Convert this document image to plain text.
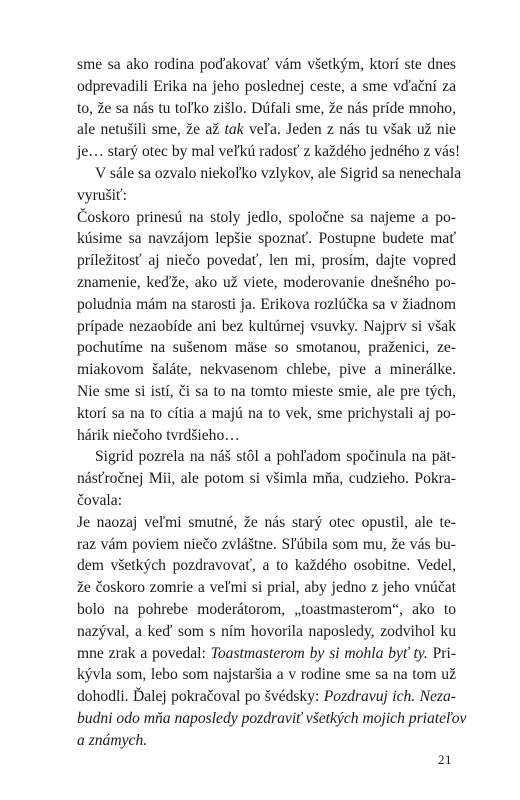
sme sa ako rodina poďakovať vám všetkým, ktorí ste dnes
odprevadili Erika na jeho poslednej ceste, a sme vďační za
to, že sa nás tu toľko zišlo. Dúfali sme, že nás príde mnoho,
ale netušili sme, že až tak veľa. Jeden z nás tu však už nie
je… starý otec by mal veľkú radosť z každého jedného z vás!
V sále sa ozvalo niekoľko vzlykov, ale Sigrid sa nenechala
vyrušiť:
Čoskoro prinesú na stoly jedlo, spoločne sa najeme a po-
kúsime sa navzájom lepšie spoznať. Postupne budete mať
príležitosť aj niečo povedať, len mi, prosím, dajte vopred
znamenie, keďže, ako už viete, moderovanie dnešného po-
poludnia mám na starosti ja. Erikova rozlúčka sa v žiadnom
prípade nezaobíde ani bez kultúrnej vsuvky. Najprv si však
pochutíme na sušenom mäse so smotanou, praženici, ze-
miakovom šaláte, nekvasenom chlebe, pive a minerálke.
Nie sme si istí, či sa to na tomto mieste smie, ale pre tých,
ktorí sa na to cítia a majú na to vek, sme prichystali aj po-
hárik niečoho tvrdšieho…
Sigrid pozrela na náš stôl a pohľadom spočinula na pät-
násťročnej Mii, ale potom si všimla mňa, cudzieho. Pokra-
čovala:
Je naozaj veľmi smutné, že nás starý otec opustil, ale te-
raz vám poviem niečo zvláštne. Sľúbila som mu, že vás bu-
dem všetkých pozdravovať, a to každého osobitne. Vedel,
že čoskoro zomrie a veľmi si prial, aby jedno z jeho vnúčat
bolo na pohrebe moderátorom, „toastmasterom“, ako to
nazýval, a keď som s ním hovorila naposledy, zodvihol ku
mne zrak a povedal: Toastmasterom by si mohla byť ty. Pri-
kývla som, lebo som najstaršia a v rodine sme sa na tom už
dohodli. Ďalej pokračoval po švédsky: Pozdravuj ich. Neza-
budni odo mňa naposledy pozdraviť všetkých mojich priateľov
a známych.
21
